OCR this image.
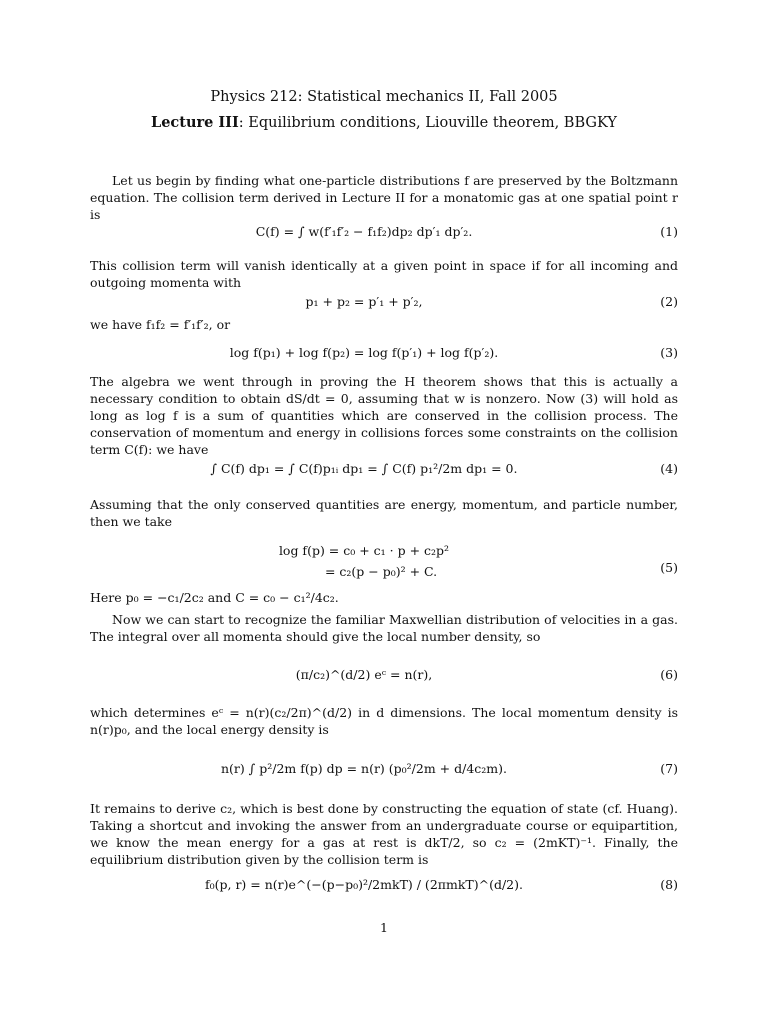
Physics 212: Statistical mechanics II, Fall 2005
Lecture III: Equilibrium conditions, Liouville theorem, BBGKY
Let us begin by finding what one-particle distributions f are preserved by the Boltzmann equation. The collision term derived in Lecture II for a monatomic gas at one spatial point r is
C(f) = ∫ w(f′₁f′₂ − f₁f₂)dp₂ dp′₁ dp′₂.	(1)
This collision term will vanish identically at a given point in space if for all incoming and outgoing momenta with
p₁ + p₂ = p′₁ + p′₂,	(2)
we have f₁f₂ = f′₁f′₂, or
log f(p₁) + log f(p₂) = log f(p′₁) + log f(p′₂).	(3)
The algebra we went through in proving the H theorem shows that this is actually a necessary condition to obtain dS/dt = 0, assuming that w is nonzero. Now (3) will hold as long as log f is a sum of quantities which are conserved in the collision process. The conservation of momentum and energy in collisions forces some constraints on the collision term C(f): we have
∫ C(f) dp₁ = ∫ C(f)p₁ᵢ dp₁ = ∫ C(f) p₁²/2m dp₁ = 0.	(4)
Assuming that the only conserved quantities are energy, momentum, and particle number, then we take
log f(p) = c₀ + c₁ · p + c₂p²
= c₂(p − p₀)² + C.	(5)
Here p₀ = −c₁/2c₂ and C = c₀ − c₁²/4c₂.
Now we can start to recognize the familiar Maxwellian distribution of velocities in a gas. The integral over all momenta should give the local number density, so
(π/c₂)^(d/2) eᶜ = n(r),	(6)
which determines eᶜ = n(r)(c₂/2π)^(d/2) in d dimensions. The local momentum density is n(r)p₀, and the local energy density is
n(r) ∫ p²/2m f(p) dp = n(r) (p₀²/2m + d/4c₂m).	(7)
It remains to derive c₂, which is best done by constructing the equation of state (cf. Huang). Taking a shortcut and invoking the answer from an undergraduate course or equipartition, we know the mean energy for a gas at rest is dkT/2, so c₂ = (2mKT)⁻¹. Finally, the equilibrium distribution given by the collision term is
f₀(p, r) = n(r)e^(−(p−p₀)²/2mkT) / (2πmkT)^(d/2).	(8)
1
